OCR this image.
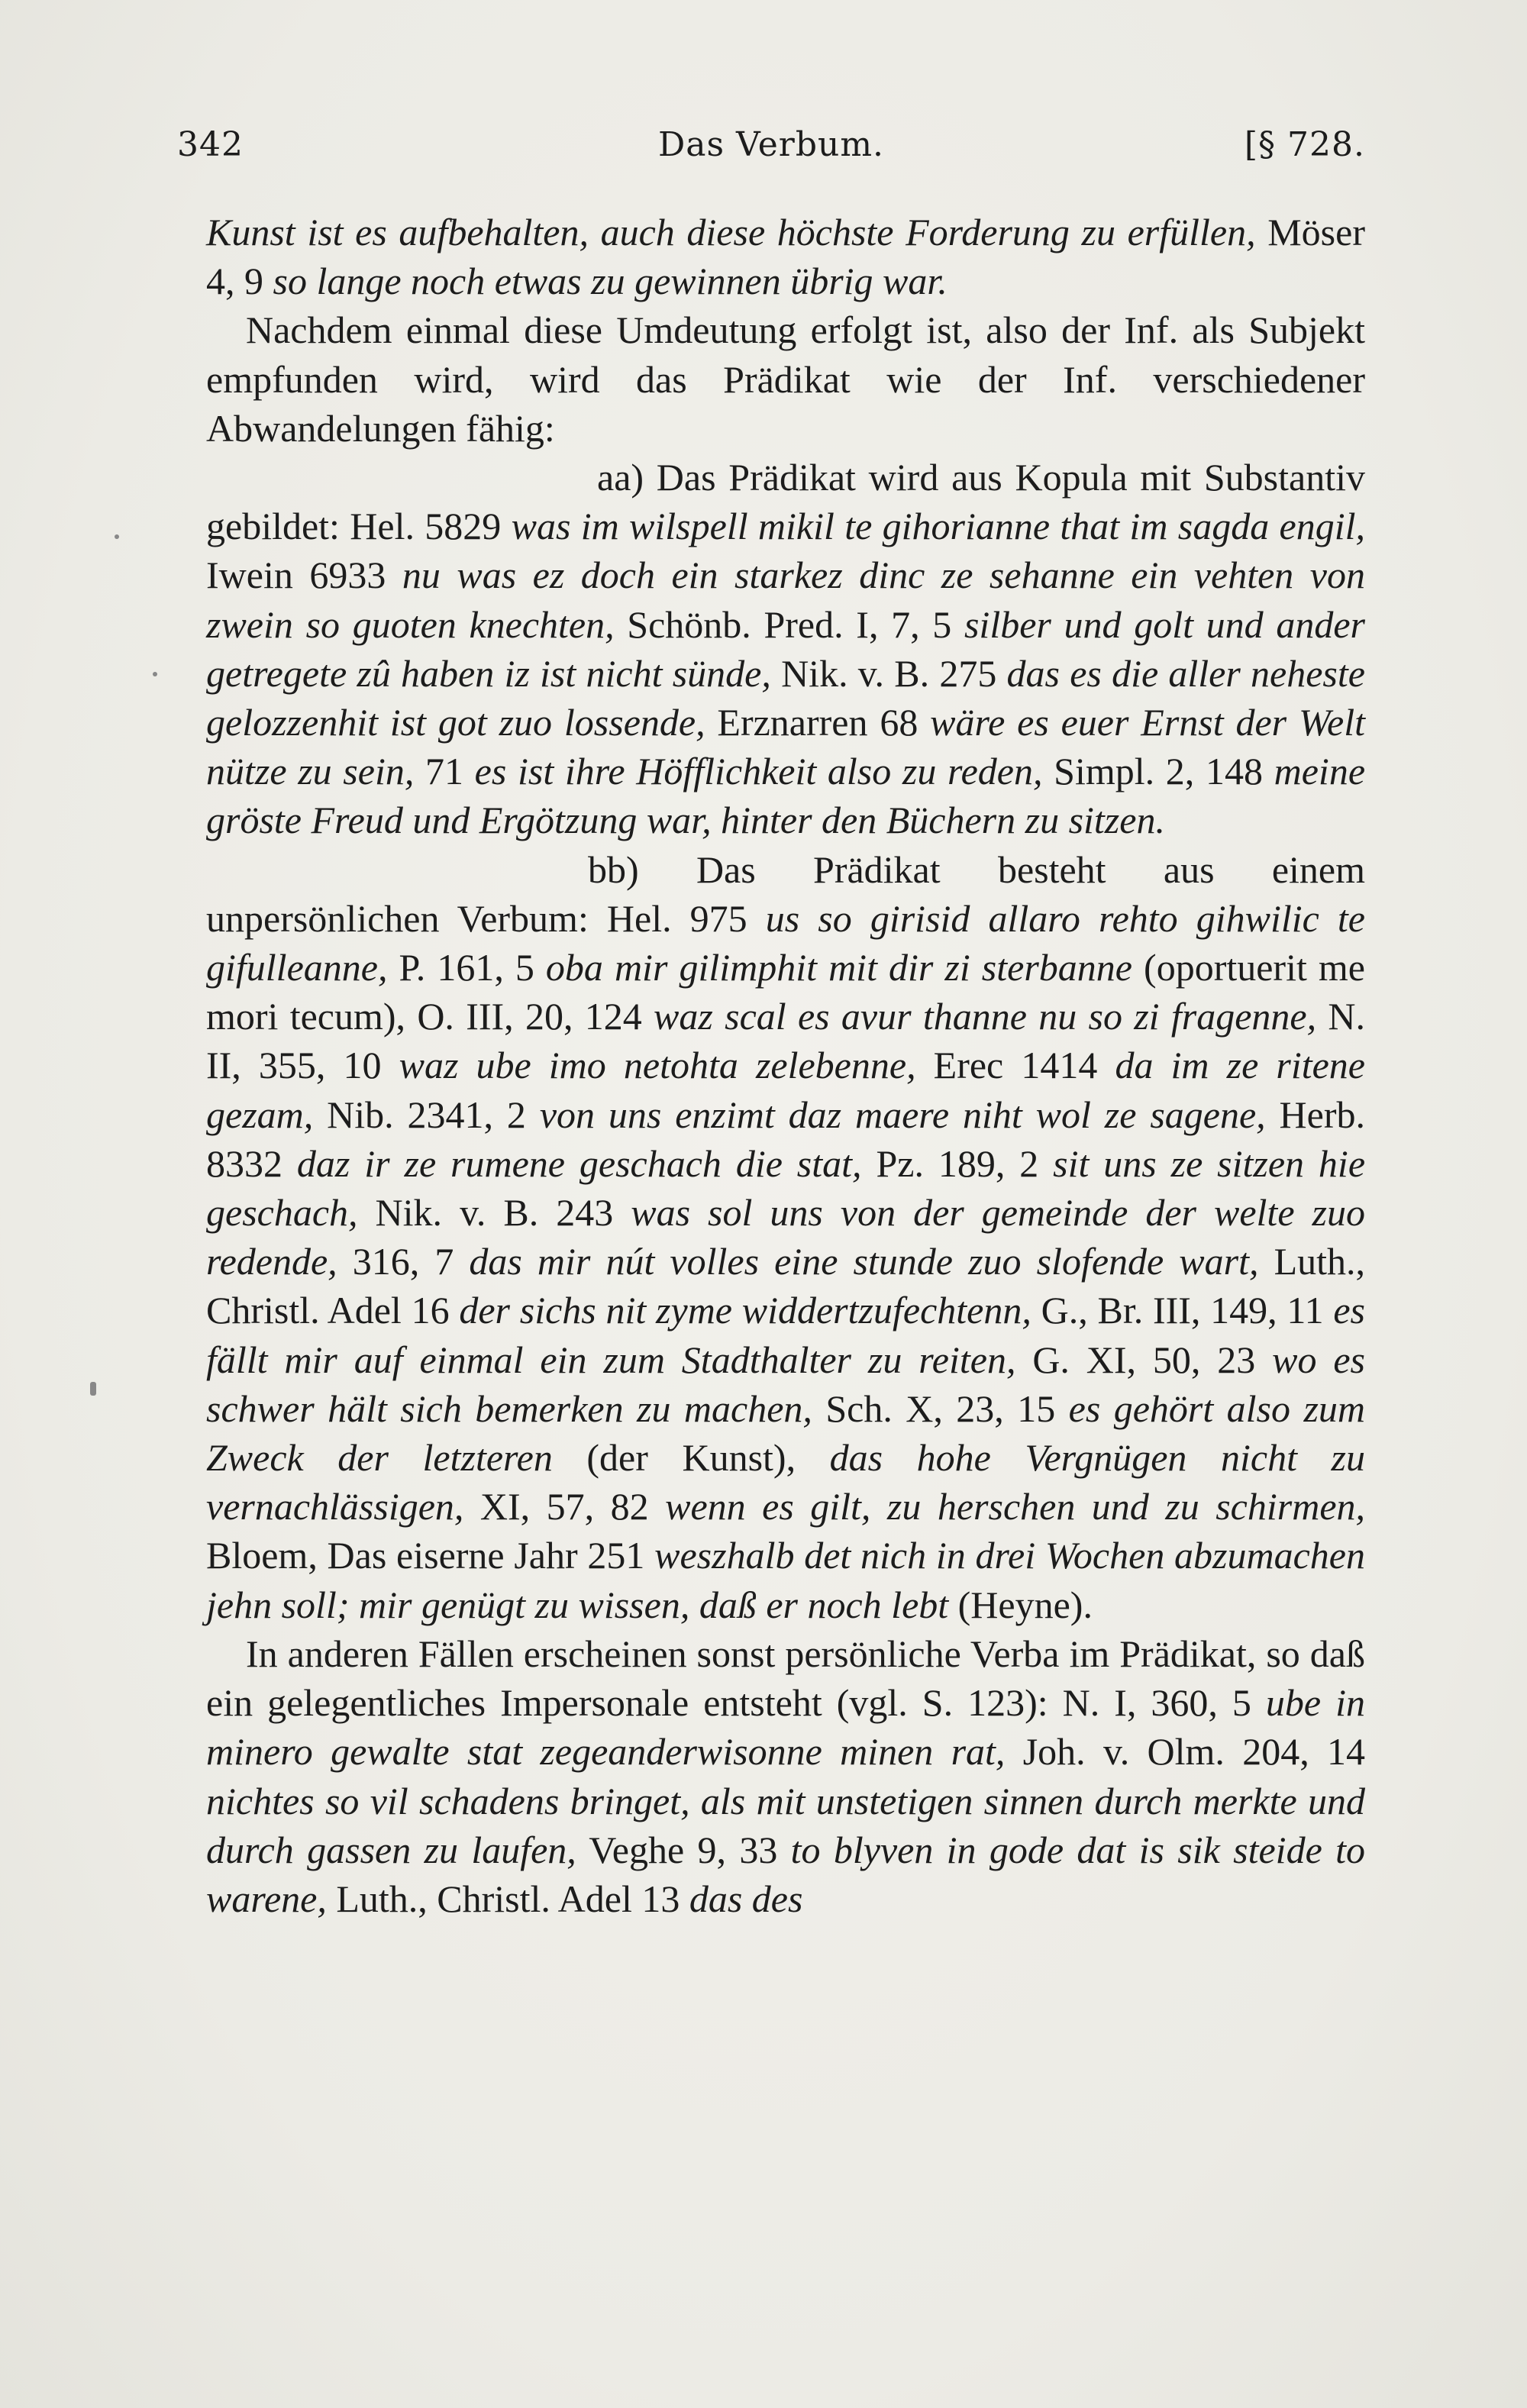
342	Das Verbum.	[§ 728.

Kunst ist es aufbehalten, auch diese höchste Forderung zu erfüllen, Möser 4, 9 so lange noch etwas zu gewinnen übrig war.

Nachdem einmal diese Umdeutung erfolgt ist, also der Inf. als Subjekt empfunden wird, wird das Prädikat wie der Inf. verschiedener Abwandelungen fähig:

aa) Das Prädikat wird aus Kopula mit Substantiv gebildet: Hel. 5829 was im wilspell mikil te gihorianne that im sagda engil, Iwein 6933 nu was ez doch ein starkez dinc ze sehanne ein vehten von zwein so guoten knechten, Schönb. Pred. I, 7, 5 silber und golt und ander getregete zû haben iz ist nicht sünde, Nik. v. B. 275 das es die aller neheste gelozzenhit ist got zuo lossende, Erznarren 68 wäre es euer Ernst der Welt nütze zu sein, 71 es ist ihre Höfflichkeit also zu reden, Simpl. 2, 148 meine gröste Freud und Ergötzung war, hinter den Büchern zu sitzen.

bb) Das Prädikat besteht aus einem unpersönlichen Verbum: Hel. 975 us so girisid allaro rehto gihwilic te gifulleanne, P. 161, 5 oba mir gilimphit mit dir zi sterbanne (oportuerit me mori tecum), O. III, 20, 124 waz scal es avur thanne nu so zi fragenne, N. II, 355, 10 waz ube imo netohta zelebenne, Erec 1414 da im ze ritene gezam, Nib. 2341, 2 von uns enzimt daz maere niht wol ze sagene, Herb. 8332 daz ir ze rumene geschach die stat, Pz. 189, 2 sit uns ze sitzen hie geschach, Nik. v. B. 243 was sol uns von der gemeinde der welte zuo redende, 316, 7 das mir nút volles eine stunde zuo slofende wart, Luth., Christl. Adel 16 der sichs nit zyme widdertzufechtenn, G., Br. III, 149, 11 es fällt mir auf einmal ein zum Stadthalter zu reiten, G. XI, 50, 23 wo es schwer hält sich bemerken zu machen, Sch. X, 23, 15 es gehört also zum Zweck der letzteren (der Kunst), das hohe Vergnügen nicht zu vernachlässigen, XI, 57, 82 wenn es gilt, zu herschen und zu schirmen, Bloem, Das eiserne Jahr 251 weszhalb det nich in drei Wochen abzumachen jehn soll; mir genügt zu wissen, daß er noch lebt (Heyne).

In anderen Fällen erscheinen sonst persönliche Verba im Prädikat, so daß ein gelegentliches Impersonale entsteht (vgl. S. 123): N. I, 360, 5 ube in minero gewalte stat zegeanderwisonne minen rat, Joh. v. Olm. 204, 14 nichtes so vil schadens bringet, als mit unstetigen sinnen durch merkte und durch gassen zu laufen, Veghe 9, 33 to blyven in gode dat is sik steide to warene, Luth., Christl. Adel 13 das des
